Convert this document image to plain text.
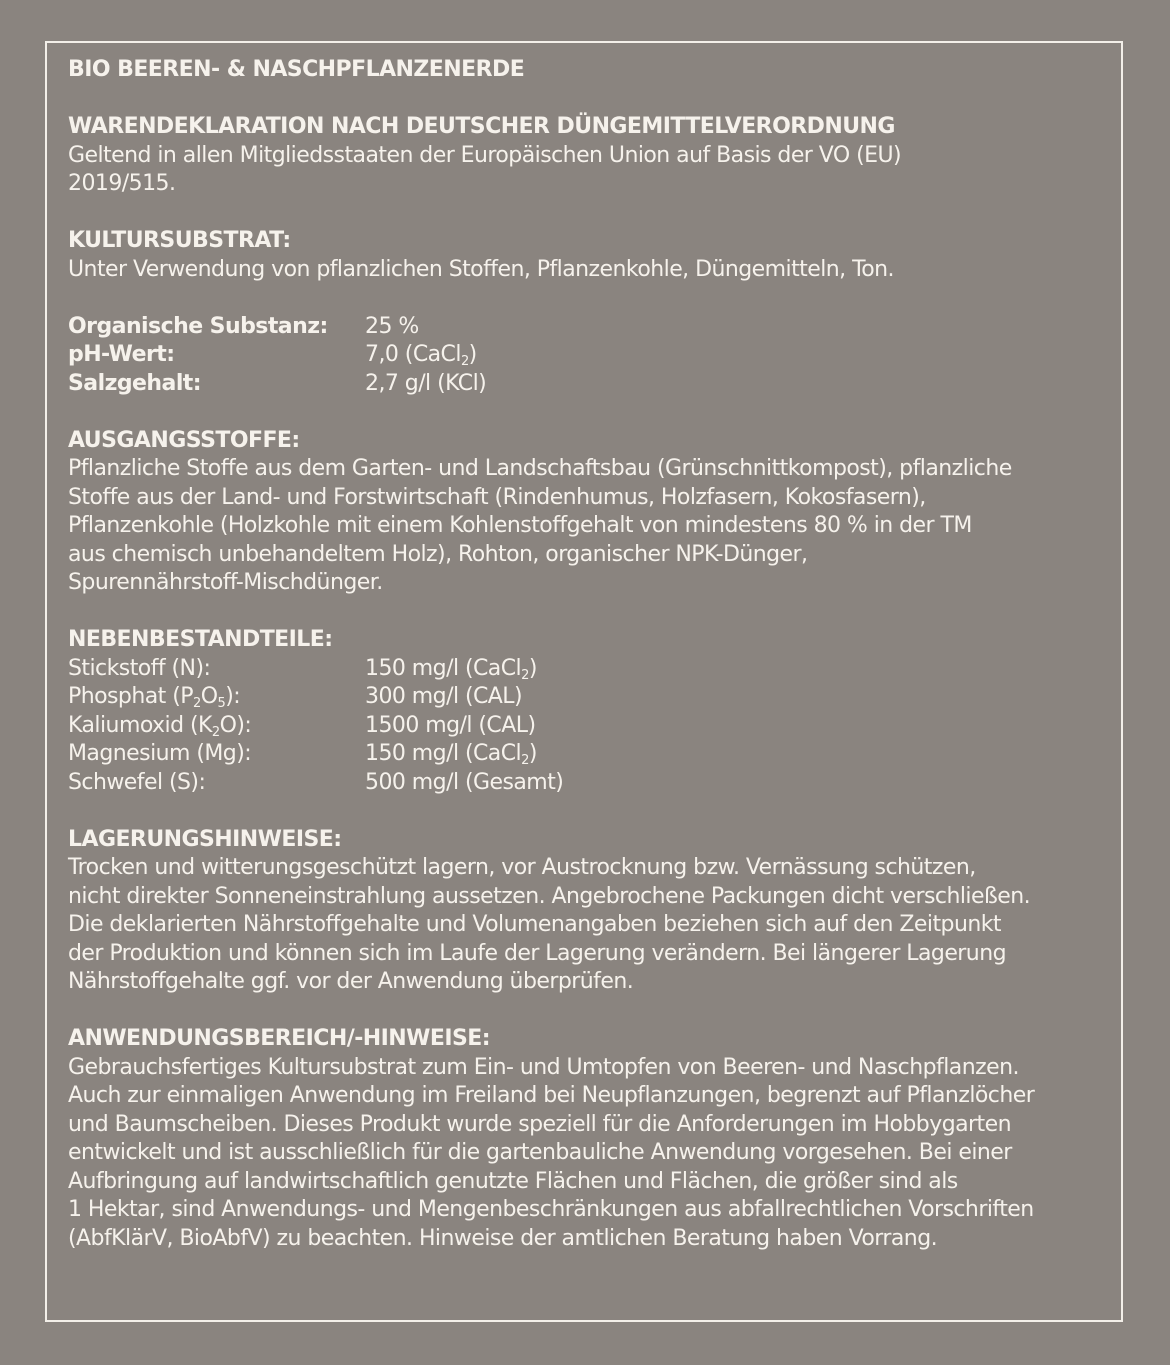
BIO BEEREN- & NASCHPFLANZENERDE

WARENDEKLARATION NACH DEUTSCHER DÜNGEMITTELVERORDNUNG

Geltend in allen Mitgliedsstaaten der Europäischen Union auf Basis der VO (EU)

2019/515.

KULTURSUBSTRAT:

Unter Verwendung von pflanzlichen Stoffen, Pflanzenkohle, Düngemitteln, Ton.

Organische Substanz:	25 %
pH-Wert:	7,0 (CaCl$_2$)
Salzgehalt:	2,7 g/l (KCl)

AUSGANGSSTOFFE:

Pflanzliche Stoffe aus dem Garten- und Landschaftsbau (Grünschnittkompost), pflanzliche

Stoffe aus der Land- und Forstwirtschaft (Rindenhumus, Holzfasern, Kokosfasern),

Pflanzenkohle (Holzkohle mit einem Kohlenstoffgehalt von mindestens 80 % in der TM

aus chemisch unbehandeltem Holz), Rohton, organischer NPK-Dünger,

Spurennährstoff-Mischdünger.

NEBENBESTANDTEILE:

Stickstoff (N):	150 mg/l (CaCl$_2$)
Phosphat $(P_2O_5)$:	300 mg/l (CAL)
Kaliumoxid $(K_2O)$:	1500 mg/l (CAL)
Magnesium (Mg):	150 mg/l (CaCl$_2$)
Schwefel (S):	500 mg/l (Gesamt)

LAGERUNGSHINWEISE:

Trocken und witterungsgeschützt lagern, vor Austrocknung bzw. Vernässung schützen,

nicht direkter Sonneneinstrahlung aussetzen. Angebrochene Packungen dicht verschließen.

Die deklarierten Nährstoffgehalte und Volumenangaben beziehen sich auf den Zeitpunkt

der Produktion und können sich im Laufe der Lagerung verändern. Bei längerer Lagerung

Nährstoffgehalte ggf. vor der Anwendung überprüfen.

ANWENDUNGSBEREICH/-HINWEISE:

Gebrauchsfertiges Kultursubstrat zum Ein- und Umtopfen von Beeren- und Naschpflanzen.

Auch zur einmaligen Anwendung im Freiland bei Neupflanzungen, begrenzt auf Pflanzlöcher

und Baumscheiben. Dieses Produkt wurde speziell für die Anforderungen im Hobbygarten

entwickelt und ist ausschließlich für die gartenbauliche Anwendung vorgesehen. Bei einer

Aufbringung auf landwirtschaftlich genutzte Flächen und Flächen, die größer sind als

1 Hektar, sind Anwendungs- und Mengenbeschränkungen aus abfallrechtlichen Vorschriften

(AbfKlärV, BioAbfV) zu beachten. Hinweise der amtlichen Beratung haben Vorrang.
